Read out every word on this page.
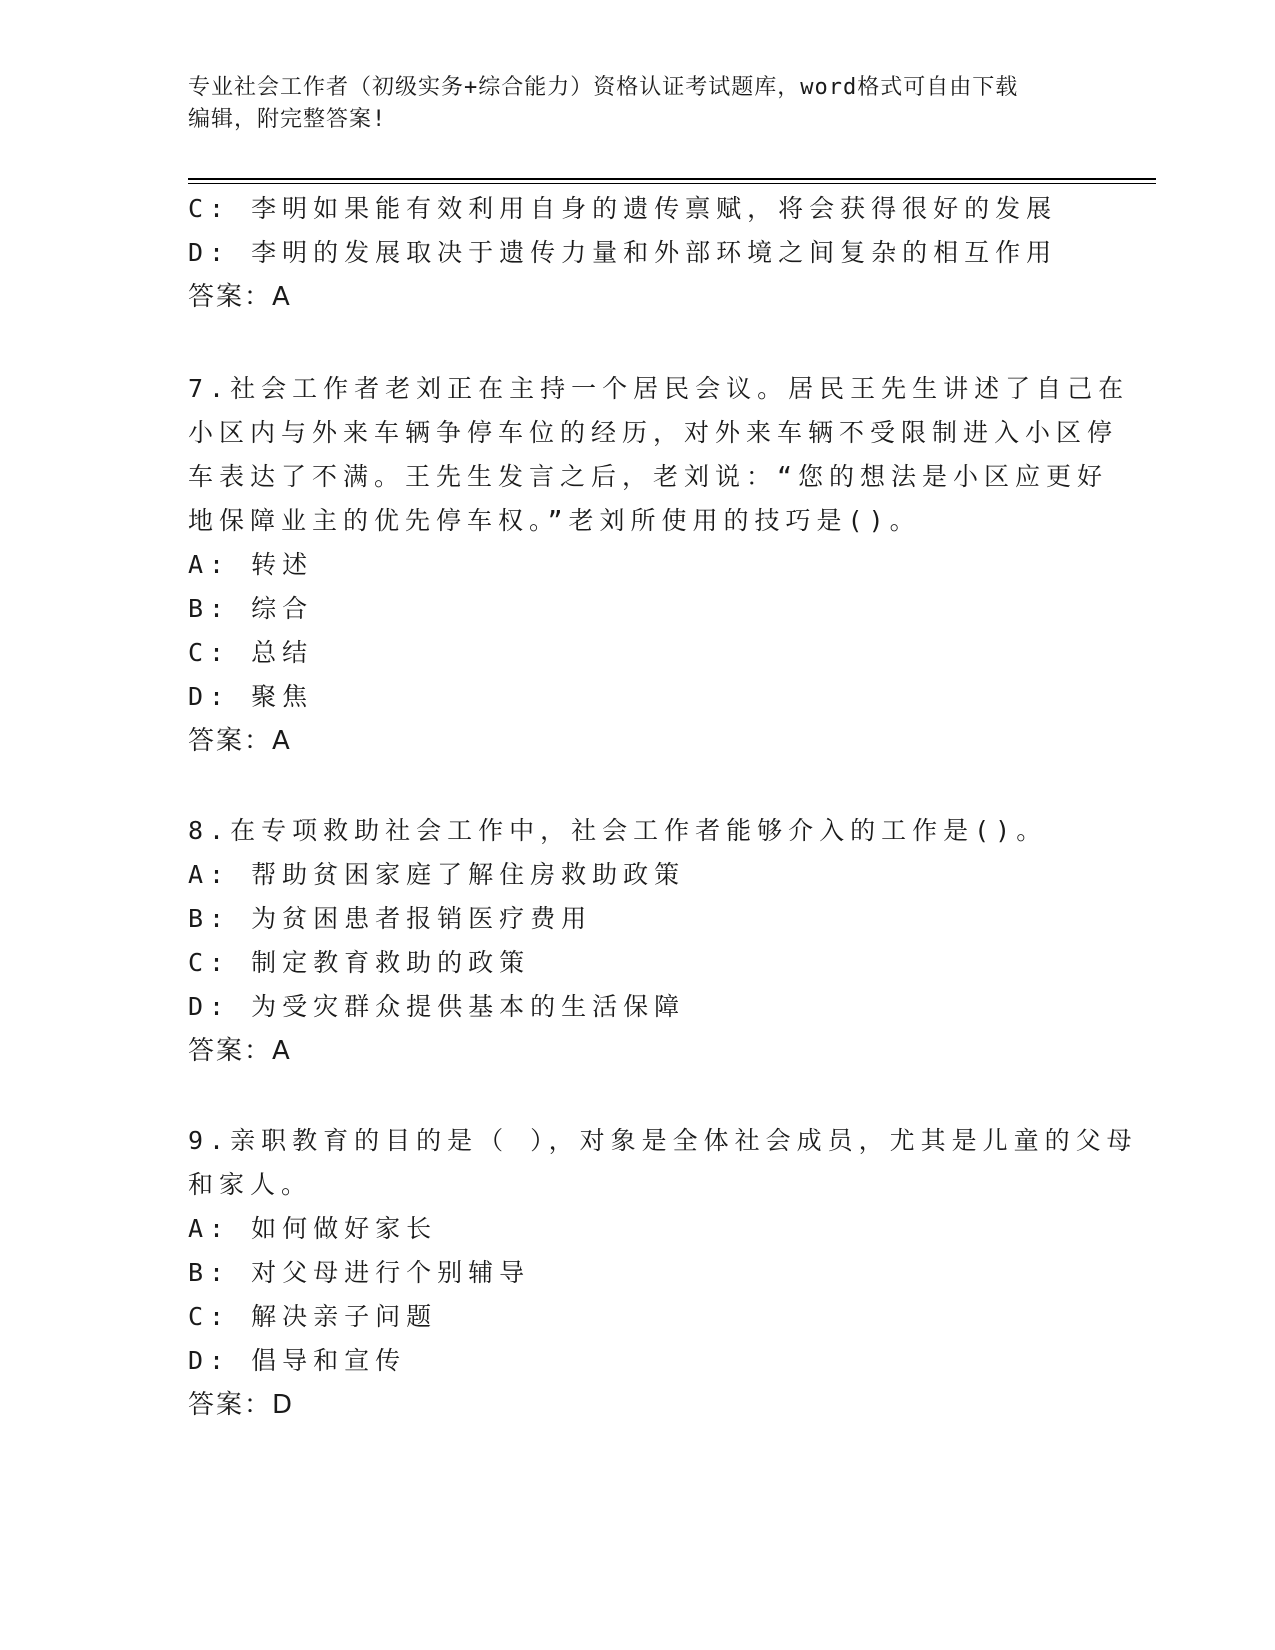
专业社会工作者（初级实务+综合能力）资格认证考试题库，word格式可自由下载
编辑，附完整答案!
C: 李明如果能有效利用自身的遗传禀赋，将会获得很好的发展
D: 李明的发展取决于遗传力量和外部环境之间复杂的相互作用
答案：A
7.社会工作者老刘正在主持一个居民会议。居民王先生讲述了自己在
小区内与外来车辆争停车位的经历，对外来车辆不受限制进入小区停
车表达了不满。王先生发言之后，老刘说：“您的想法是小区应更好
地保障业主的优先停车权。”老刘所使用的技巧是()。
A: 转述
B: 综合
C: 总结
D: 聚焦
答案：A
8.在专项救助社会工作中，社会工作者能够介入的工作是()。
A: 帮助贫困家庭了解住房救助政策
B: 为贫困患者报销医疗费用
C: 制定教育救助的政策
D: 为受灾群众提供基本的生活保障
答案：A
9.亲职教育的目的是（ ），对象是全体社会成员，尤其是儿童的父母
和家人。
A: 如何做好家长
B: 对父母进行个别辅导
C: 解决亲子问题
D: 倡导和宣传
答案：D
